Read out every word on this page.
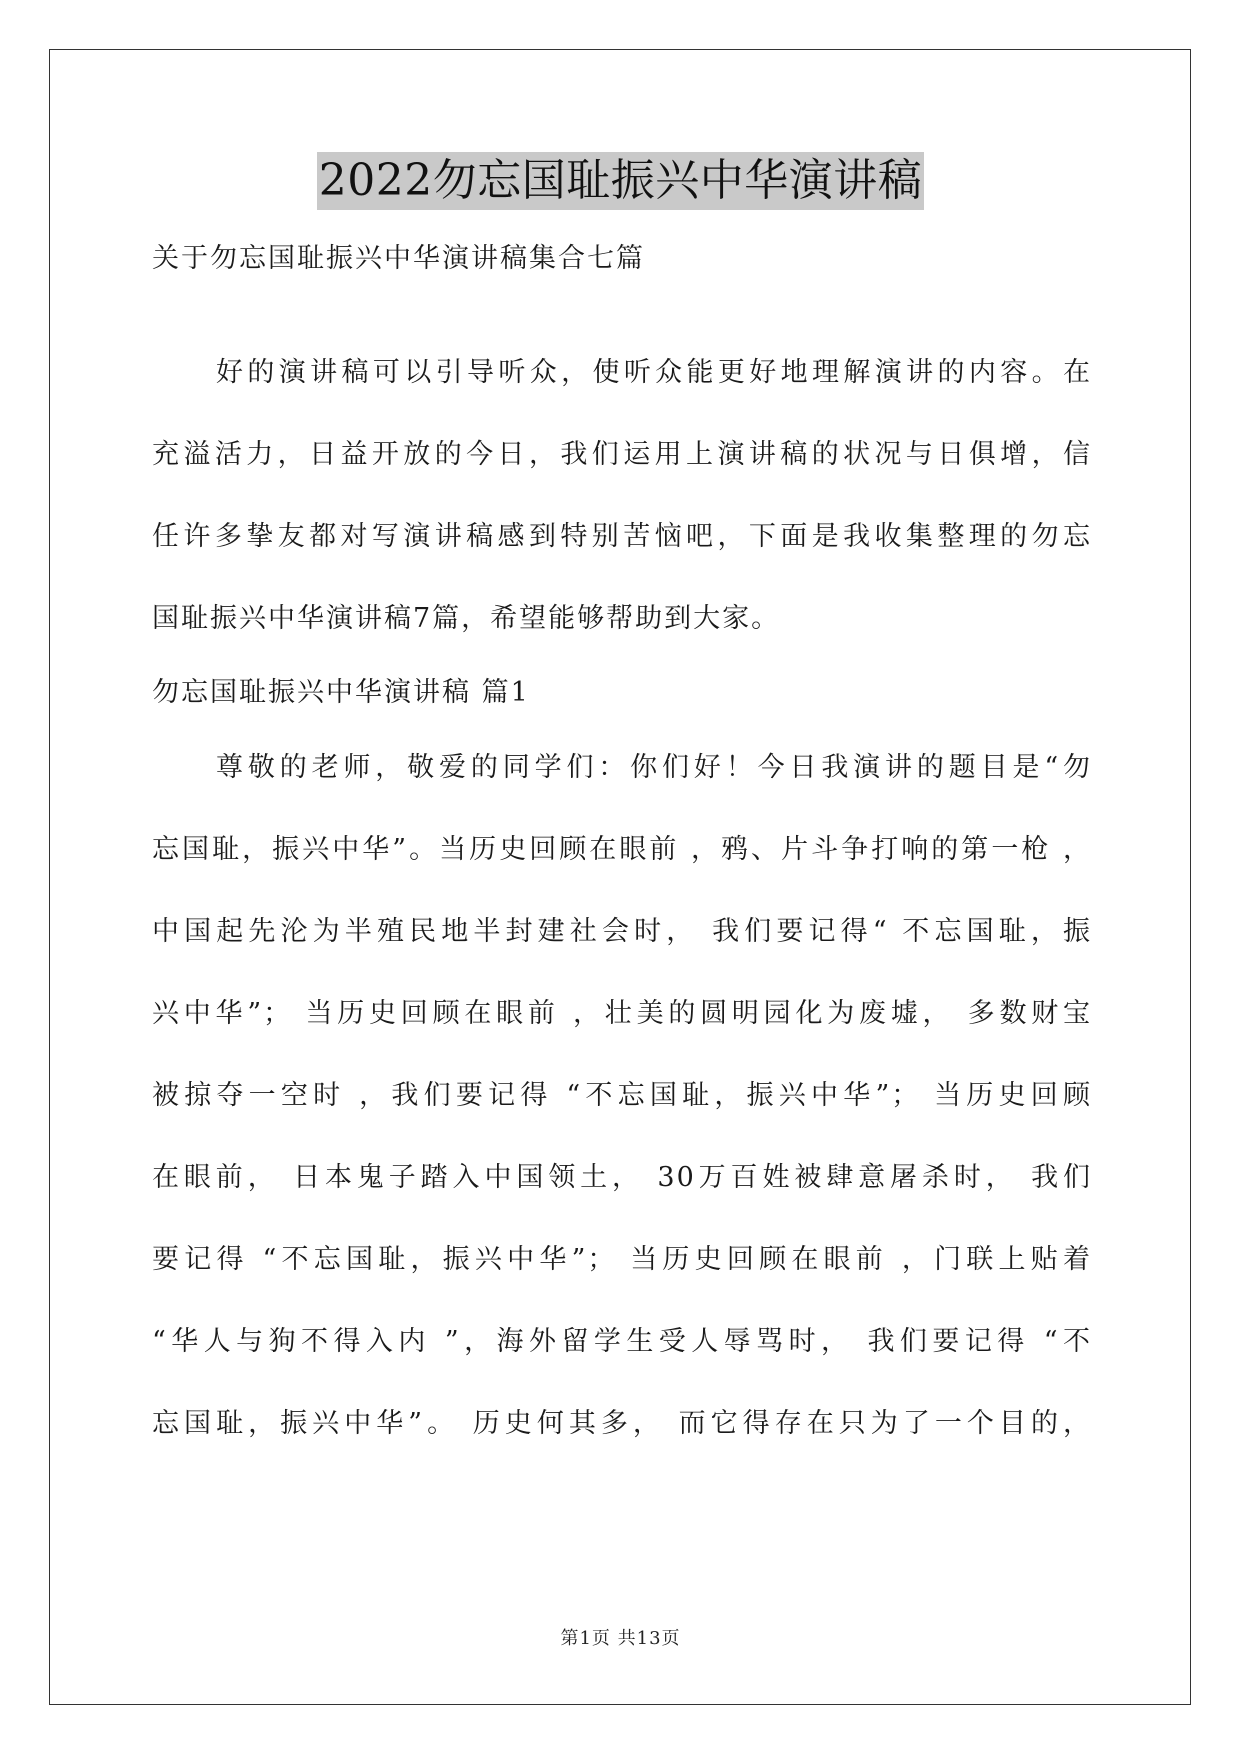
2022勿忘国耻振兴中华演讲稿
关于勿忘国耻振兴中华演讲稿集合七篇
好的演讲稿可以引导听众，使听众能更好地理解演讲的内容。在
充溢活力，日益开放的今日，我们运用上演讲稿的状况与日俱增，信
任许多挚友都对写演讲稿感到特别苦恼吧，下面是我收集整理的勿忘
国耻振兴中华演讲稿7篇，希望能够帮助到大家。
勿忘国耻振兴中华演讲稿 篇1
尊敬的老师，敬爱的同学们：你们好！今日我演讲的题目是“勿
忘国耻，振兴中华”。当历史回顾在眼前 ，鸦、片斗争打响的第一枪 ，
中国起先沦为半殖民地半封建社会时， 我们要记得“ 不忘国耻，振
兴中华”； 当历史回顾在眼前 ，壮美的圆明园化为废墟， 多数财宝
被掠夺一空时 ，我们要记得 “不忘国耻，振兴中华”； 当历史回顾
在眼前， 日本鬼子踏入中国领土， 30万百姓被肆意屠杀时， 我们
要记得 “不忘国耻，振兴中华”； 当历史回顾在眼前 ，门联上贴着
“华人与狗不得入内 ”，海外留学生受人辱骂时， 我们要记得 “不
忘国耻，振兴中华”。 历史何其多， 而它得存在只为了一个目的，
第1页 共13页
